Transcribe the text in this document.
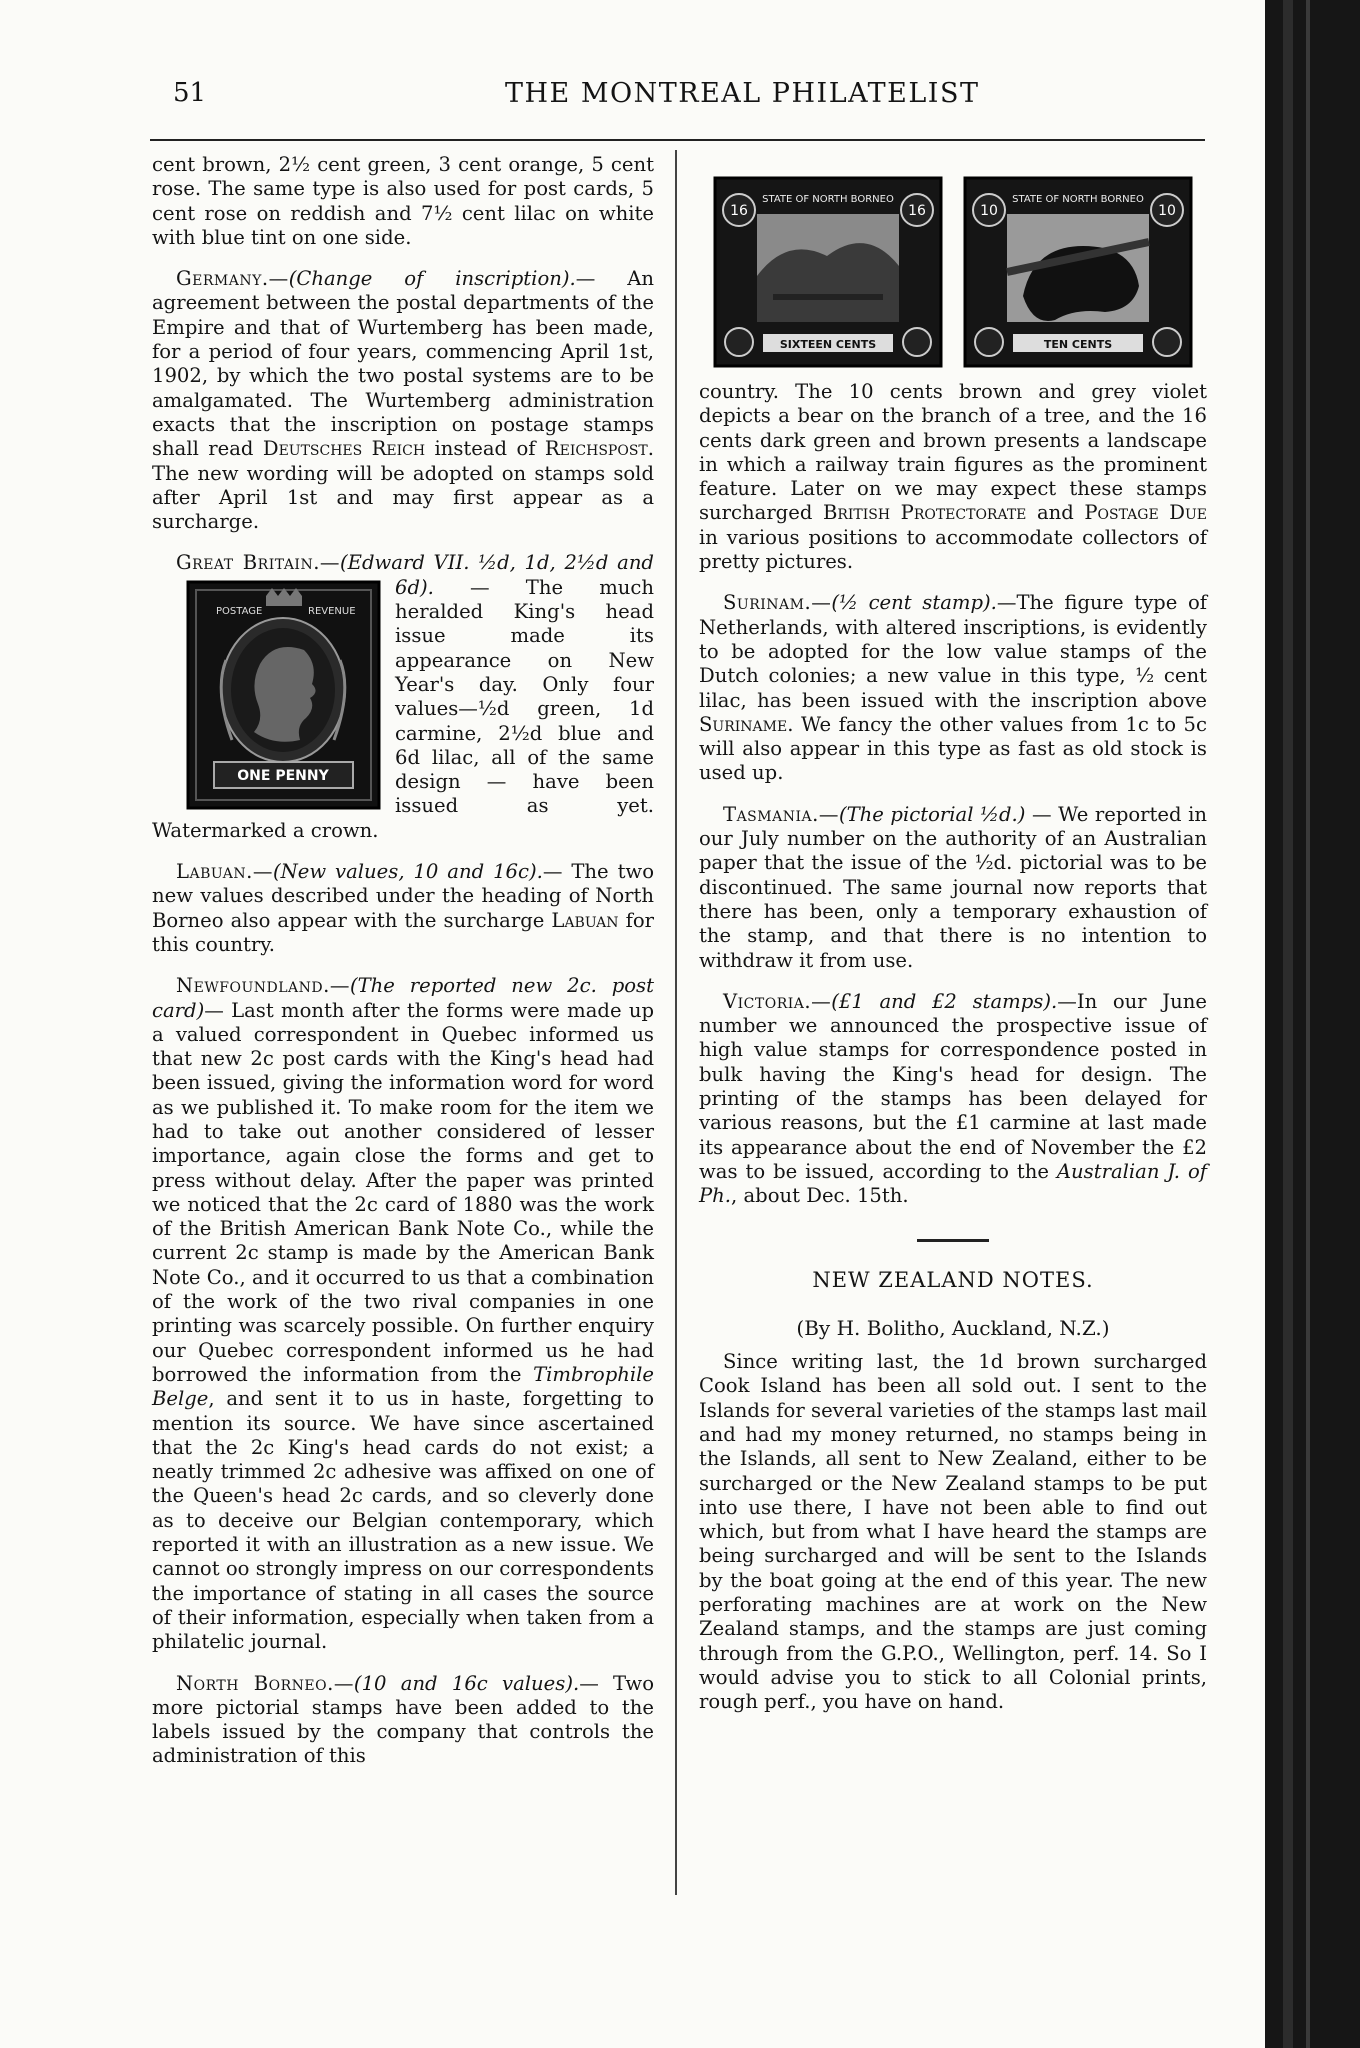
51	THE MONTREAL PHILATELIST

cent brown, 2½ cent green, 3 cent orange, 5 cent rose. The same type is also used for post cards, 5 cent rose on reddish and 7½ cent lilac on white with blue tint on one side.

Germany.—(Change of inscription).— An agreement between the postal departments of the Empire and that of Wurtemberg has been made, for a period of four years, commencing April 1st, 1902, by which the two postal systems are to be amalgamated. The Wurtemberg administration exacts that the inscription on postage stamps shall read Deutsches Reich instead of Reichspost. The new wording will be adopted on stamps sold after April 1st and may first appear as a surcharge.

Great Britain.—(Edward VII. ½d, 1d, 2½d and 6d).
POSTAGE	REVENUE
ONE PENNY
— The much heralded King's head issue made its appearance on New Year's day. Only four values—½d green, 1d carmine, 2½d blue and 6d lilac, all of the same design — have been issued as yet. Watermarked a crown.

Labuan.—(New values, 10 and 16c).— The two new values described under the heading of North Borneo also appear with the surcharge Labuan for this country.

Newfoundland.—(The reported new 2c. post card)— Last month after the forms were made up a valued correspondent in Quebec informed us that new 2c post cards with the King's head had been issued, giving the information word for word as we published it. To make room for the item we had to take out another considered of lesser importance, again close the forms and get to press without delay. After the paper was printed we noticed that the 2c card of 1880 was the work of the British American Bank Note Co., while the current 2c stamp is made by the American Bank Note Co., and it occurred to us that a combination of the work of the two rival companies in one printing was scarcely possible. On further enquiry our Quebec correspondent informed us he had borrowed the information from the Timbrophile Belge, and sent it to us in haste, forgetting to mention its source. We have since ascertained that the 2c King's head cards do not exist; a neatly trimmed 2c adhesive was affixed on one of the Queen's head 2c cards, and so cleverly done as to deceive our Belgian contemporary, which reported it with an illustration as a new issue. We cannot oo strongly impress on our correspondents the importance of stating in all cases the source of their information, especially when taken from a philatelic journal.

North Borneo.—(10 and 16c values).— Two more pictorial stamps have been added to the labels issued by the company that controls the administration of this

16	16
STATE OF NORTH BORNEO
SIXTEEN CENTS
10	10
STATE OF NORTH BORNEO
TEN CENTS

country. The 10 cents brown and grey violet depicts a bear on the branch of a tree, and the 16 cents dark green and brown presents a landscape in which a railway train figures as the prominent feature. Later on we may expect these stamps surcharged British Protectorate and Postage Due in various positions to accommodate collectors of pretty pictures.

Surinam.—(½ cent stamp).—The figure type of Netherlands, with altered inscriptions, is evidently to be adopted for the low value stamps of the Dutch colonies; a new value in this type, ½ cent lilac, has been issued with the inscription above Suriname. We fancy the other values from 1c to 5c will also appear in this type as fast as old stock is used up.

Tasmania.—(The pictorial ½d.) — We reported in our July number on the authority of an Australian paper that the issue of the ½d. pictorial was to be discontinued. The same journal now reports that there has been, only a temporary exhaustion of the stamp, and that there is no intention to withdraw it from use.

Victoria.—(£1 and £2 stamps).—In our June number we announced the prospective issue of high value stamps for correspondence posted in bulk having the King's head for design. The printing of the stamps has been delayed for various reasons, but the £1 carmine at last made its appearance about the end of November the £2 was to be issued, according to the Australian J. of Ph., about Dec. 15th.

NEW ZEALAND NOTES.
(By H. Bolitho, Auckland, N.Z.)

Since writing last, the 1d brown surcharged Cook Island has been all sold out. I sent to the Islands for several varieties of the stamps last mail and had my money returned, no stamps being in the Islands, all sent to New Zealand, either to be surcharged or the New Zealand stamps to be put into use there, I have not been able to find out which, but from what I have heard the stamps are being surcharged and will be sent to the Islands by the boat going at the end of this year. The new perforating machines are at work on the New Zealand stamps, and the stamps are just coming through from the G.P.O., Wellington, perf. 14. So I would advise you to stick to all Colonial prints, rough perf., you have on hand.
